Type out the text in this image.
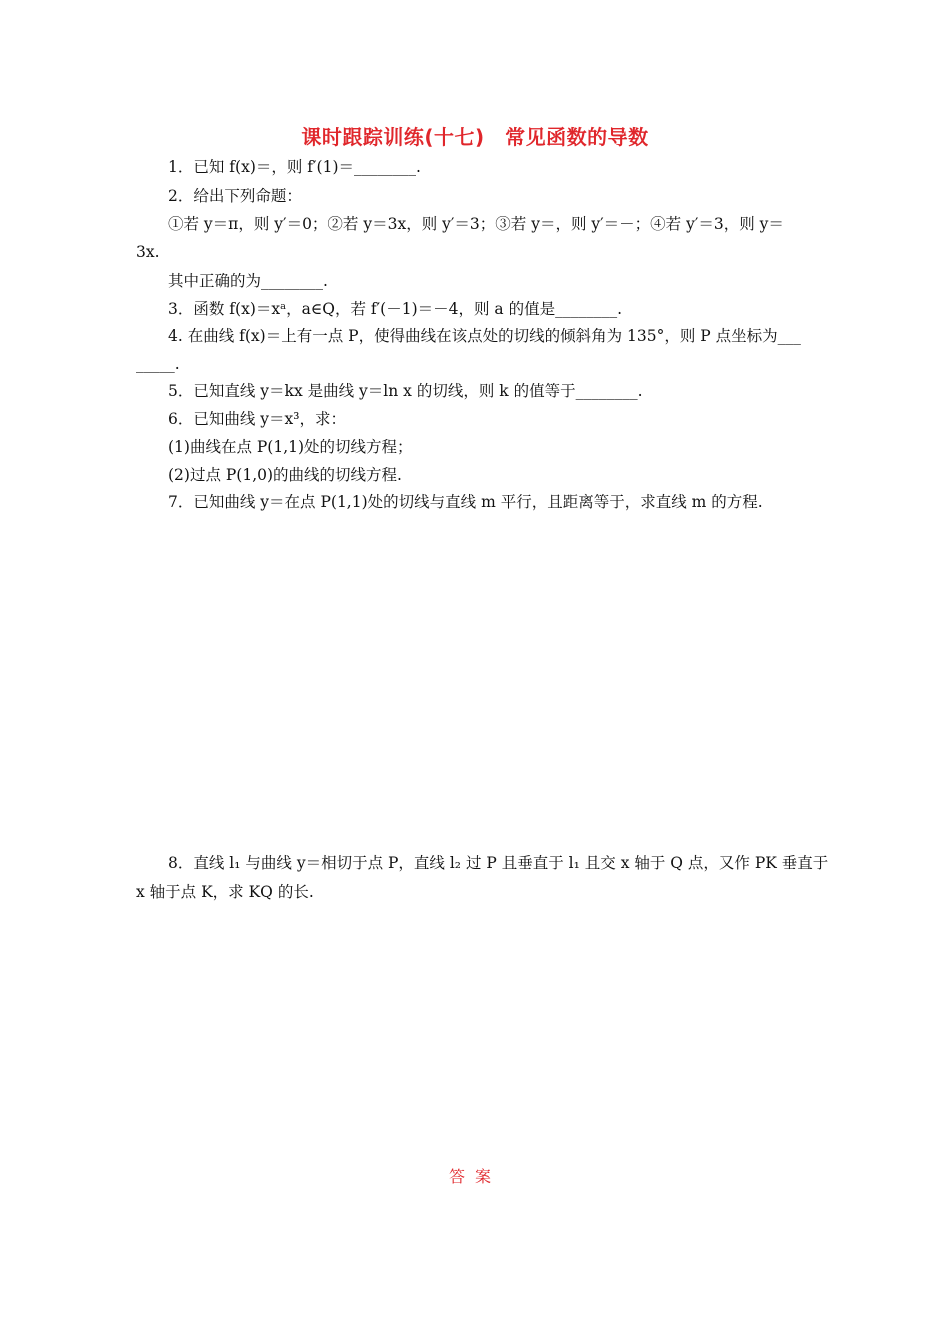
课时跟踪训练(十七)　常见函数的导数
1．已知 f(x)＝，则 f′(1)＝________.
2．给出下列命题：
①若 y＝π，则 y′＝0；②若 y＝3x，则 y′＝3；③若 y＝，则 y′＝－；④若 y′＝3，则 y＝
3x.
其中正确的为________.
3．函数 f(x)＝xᵃ，a∈Q，若 f′(－1)＝－4，则 a 的值是________.
4. 在曲线 f(x)＝上有一点 P，使得曲线在该点处的切线的倾斜角为 135°，则 P 点坐标为___
_____.
5．已知直线 y＝kx 是曲线 y＝ln x 的切线，则 k 的值等于________.
6．已知曲线 y＝x³，求：
(1)曲线在点 P(1,1)处的切线方程；
(2)过点 P(1,0)的曲线的切线方程.
7．已知曲线 y＝在点 P(1,1)处的切线与直线 m 平行，且距离等于，求直线 m 的方程.
8．直线 l₁ 与曲线 y＝相切于点 P，直线 l₂ 过 P 且垂直于 l₁ 且交 x 轴于 Q 点，又作 PK 垂直于
x 轴于点 K，求 KQ 的长.
答案
